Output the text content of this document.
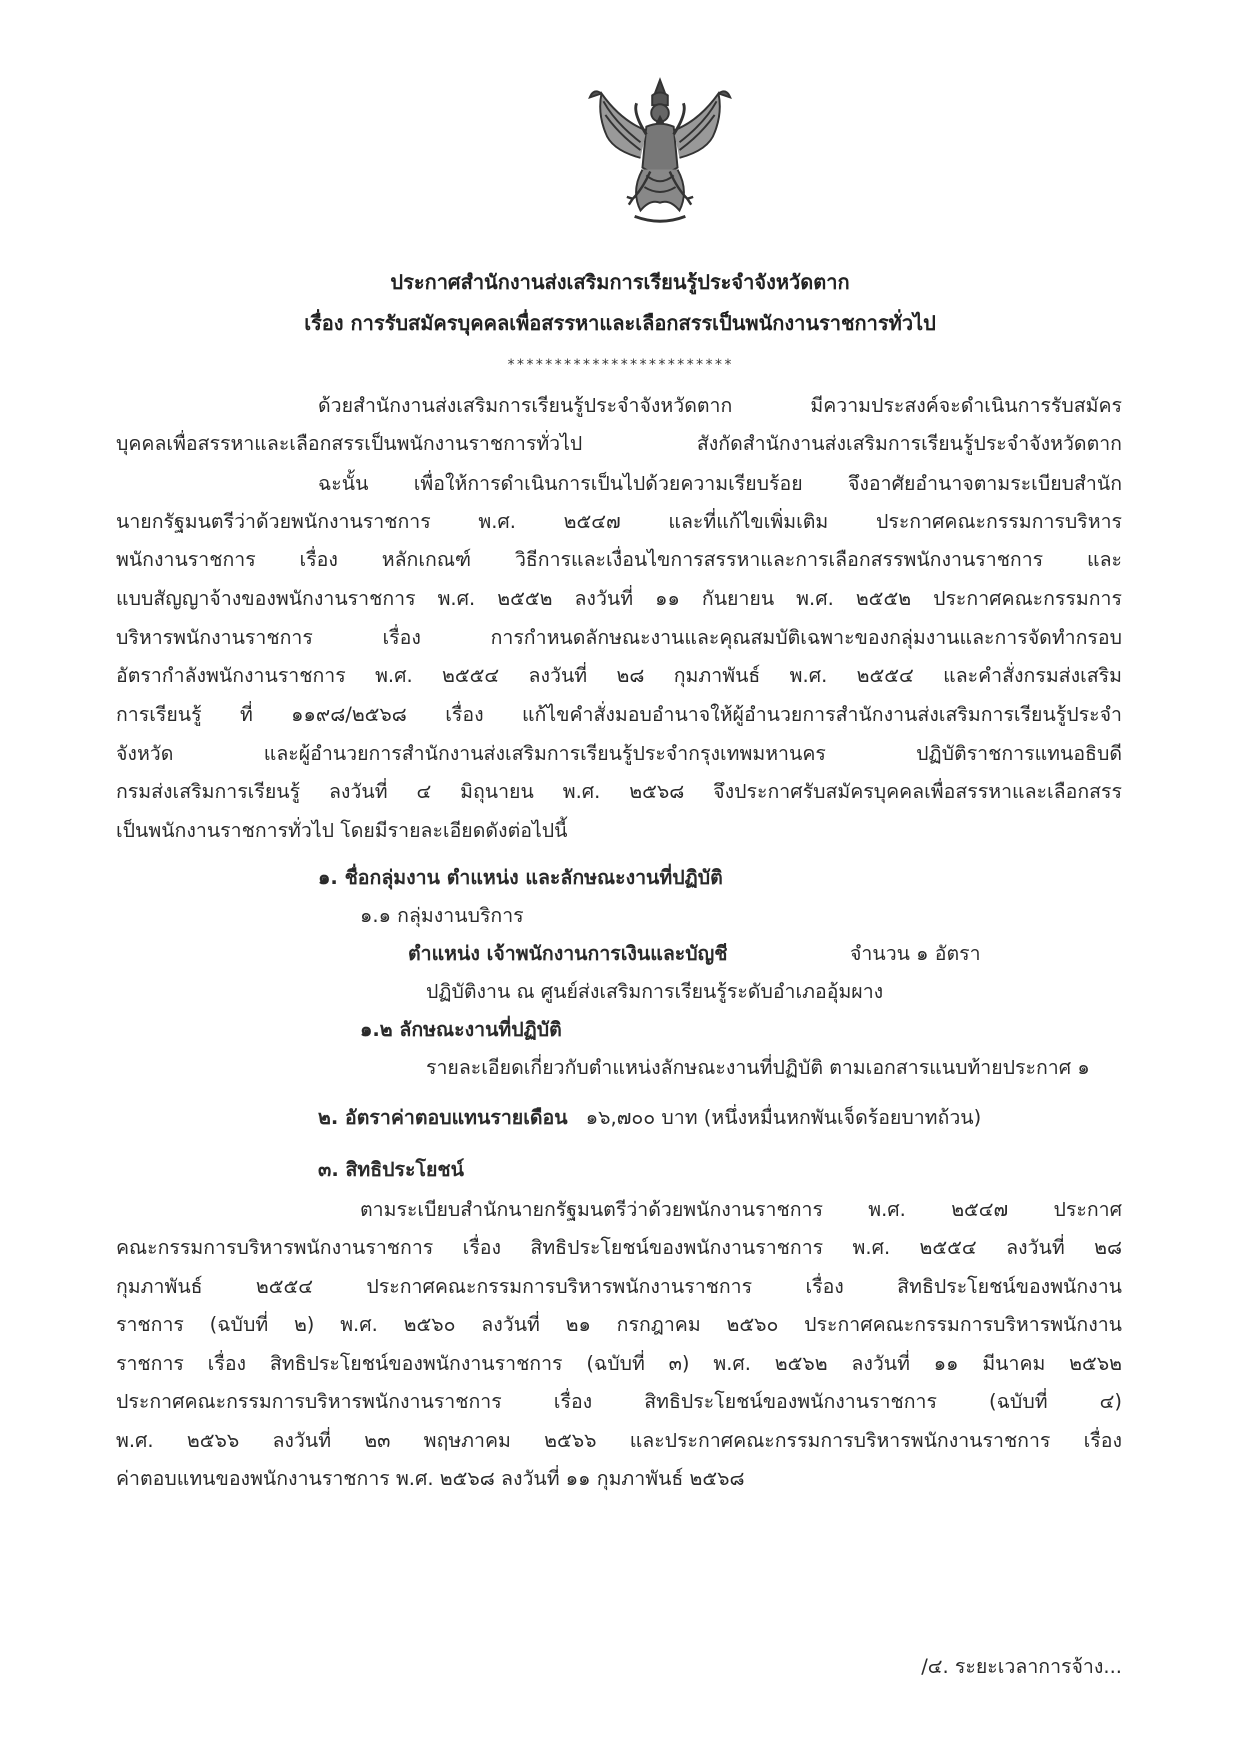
ประกาศสำนักงานส่งเสริมการเรียนรู้ประจำจังหวัดตาก
เรื่อง การรับสมัครบุคคลเพื่อสรรหาและเลือกสรรเป็นพนักงานราชการทั่วไป
************************
ด้วยสำนักงานส่งเสริมการเรียนรู้ประจำจังหวัดตาก มีความประสงค์จะดำเนินการรับสมัคร
บุคคลเพื่อสรรหาและเลือกสรรเป็นพนักงานราชการทั่วไป สังกัดสำนักงานส่งเสริมการเรียนรู้ประจำจังหวัดตาก
ฉะนั้น เพื่อให้การดำเนินการเป็นไปด้วยความเรียบร้อย จึงอาศัยอำนาจตามระเบียบสำนัก
นายกรัฐมนตรีว่าด้วยพนักงานราชการ พ.ศ. ๒๕๔๗ และที่แก้ไขเพิ่มเติม ประกาศคณะกรรมการบริหาร
พนักงานราชการ เรื่อง หลักเกณฑ์ วิธีการและเงื่อนไขการสรรหาและการเลือกสรรพนักงานราชการ และ
แบบสัญญาจ้างของพนักงานราชการ พ.ศ. ๒๕๕๒ ลงวันที่ ๑๑ กันยายน พ.ศ. ๒๕๕๒ ประกาศคณะกรรมการ
บริหารพนักงานราชการ เรื่อง การกำหนดลักษณะงานและคุณสมบัติเฉพาะของกลุ่มงานและการจัดทำกรอบ
อัตรากำลังพนักงานราชการ พ.ศ. ๒๕๕๔ ลงวันที่ ๒๘ กุมภาพันธ์ พ.ศ. ๒๕๕๔ และคำสั่งกรมส่งเสริม
การเรียนรู้ ที่ ๑๑๙๘/๒๕๖๘ เรื่อง แก้ไขคำสั่งมอบอำนาจให้ผู้อำนวยการสำนักงานส่งเสริมการเรียนรู้ประจำ
จังหวัด และผู้อำนวยการสำนักงานส่งเสริมการเรียนรู้ประจำกรุงเทพมหานคร ปฏิบัติราชการแทนอธิบดี
กรมส่งเสริมการเรียนรู้ ลงวันที่ ๔ มิถุนายน พ.ศ. ๒๕๖๘ จึงประกาศรับสมัครบุคคลเพื่อสรรหาและเลือกสรร
เป็นพนักงานราชการทั่วไป โดยมีรายละเอียดดังต่อไปนี้
๑. ชื่อกลุ่มงาน ตำแหน่ง และลักษณะงานที่ปฏิบัติ
๑.๑ กลุ่มงานบริการ
ตำแหน่ง เจ้าพนักงานการเงินและบัญชี	จำนวน ๑ อัตรา
ปฏิบัติงาน ณ ศูนย์ส่งเสริมการเรียนรู้ระดับอำเภออุ้มผาง
๑.๒ ลักษณะงานที่ปฏิบัติ
รายละเอียดเกี่ยวกับตำแหน่งลักษณะงานที่ปฏิบัติ ตามเอกสารแนบท้ายประกาศ ๑
๒. อัตราค่าตอบแทนรายเดือน ๑๖,๗๐๐ บาท (หนึ่งหมื่นหกพันเจ็ดร้อยบาทถ้วน)
๓. สิทธิประโยชน์
ตามระเบียบสำนักนายกรัฐมนตรีว่าด้วยพนักงานราชการ พ.ศ. ๒๕๔๗ ประกาศ
คณะกรรมการบริหารพนักงานราชการ เรื่อง สิทธิประโยชน์ของพนักงานราชการ พ.ศ. ๒๕๕๔ ลงวันที่ ๒๘
กุมภาพันธ์ ๒๕๕๔ ประกาศคณะกรรมการบริหารพนักงานราชการ เรื่อง สิทธิประโยชน์ของพนักงาน
ราชการ (ฉบับที่ ๒) พ.ศ. ๒๕๖๐ ลงวันที่ ๒๑ กรกฎาคม ๒๕๖๐ ประกาศคณะกรรมการบริหารพนักงาน
ราชการ เรื่อง สิทธิประโยชน์ของพนักงานราชการ (ฉบับที่ ๓) พ.ศ. ๒๕๖๒ ลงวันที่ ๑๑ มีนาคม ๒๕๖๒
ประกาศคณะกรรมการบริหารพนักงานราชการ เรื่อง สิทธิประโยชน์ของพนักงานราชการ (ฉบับที่ ๔)
พ.ศ. ๒๕๖๖ ลงวันที่ ๒๓ พฤษภาคม ๒๕๖๖ และประกาศคณะกรรมการบริหารพนักงานราชการ เรื่อง
ค่าตอบแทนของพนักงานราชการ พ.ศ. ๒๕๖๘ ลงวันที่ ๑๑ กุมภาพันธ์ ๒๕๖๘
/๔. ระยะเวลาการจ้าง...
